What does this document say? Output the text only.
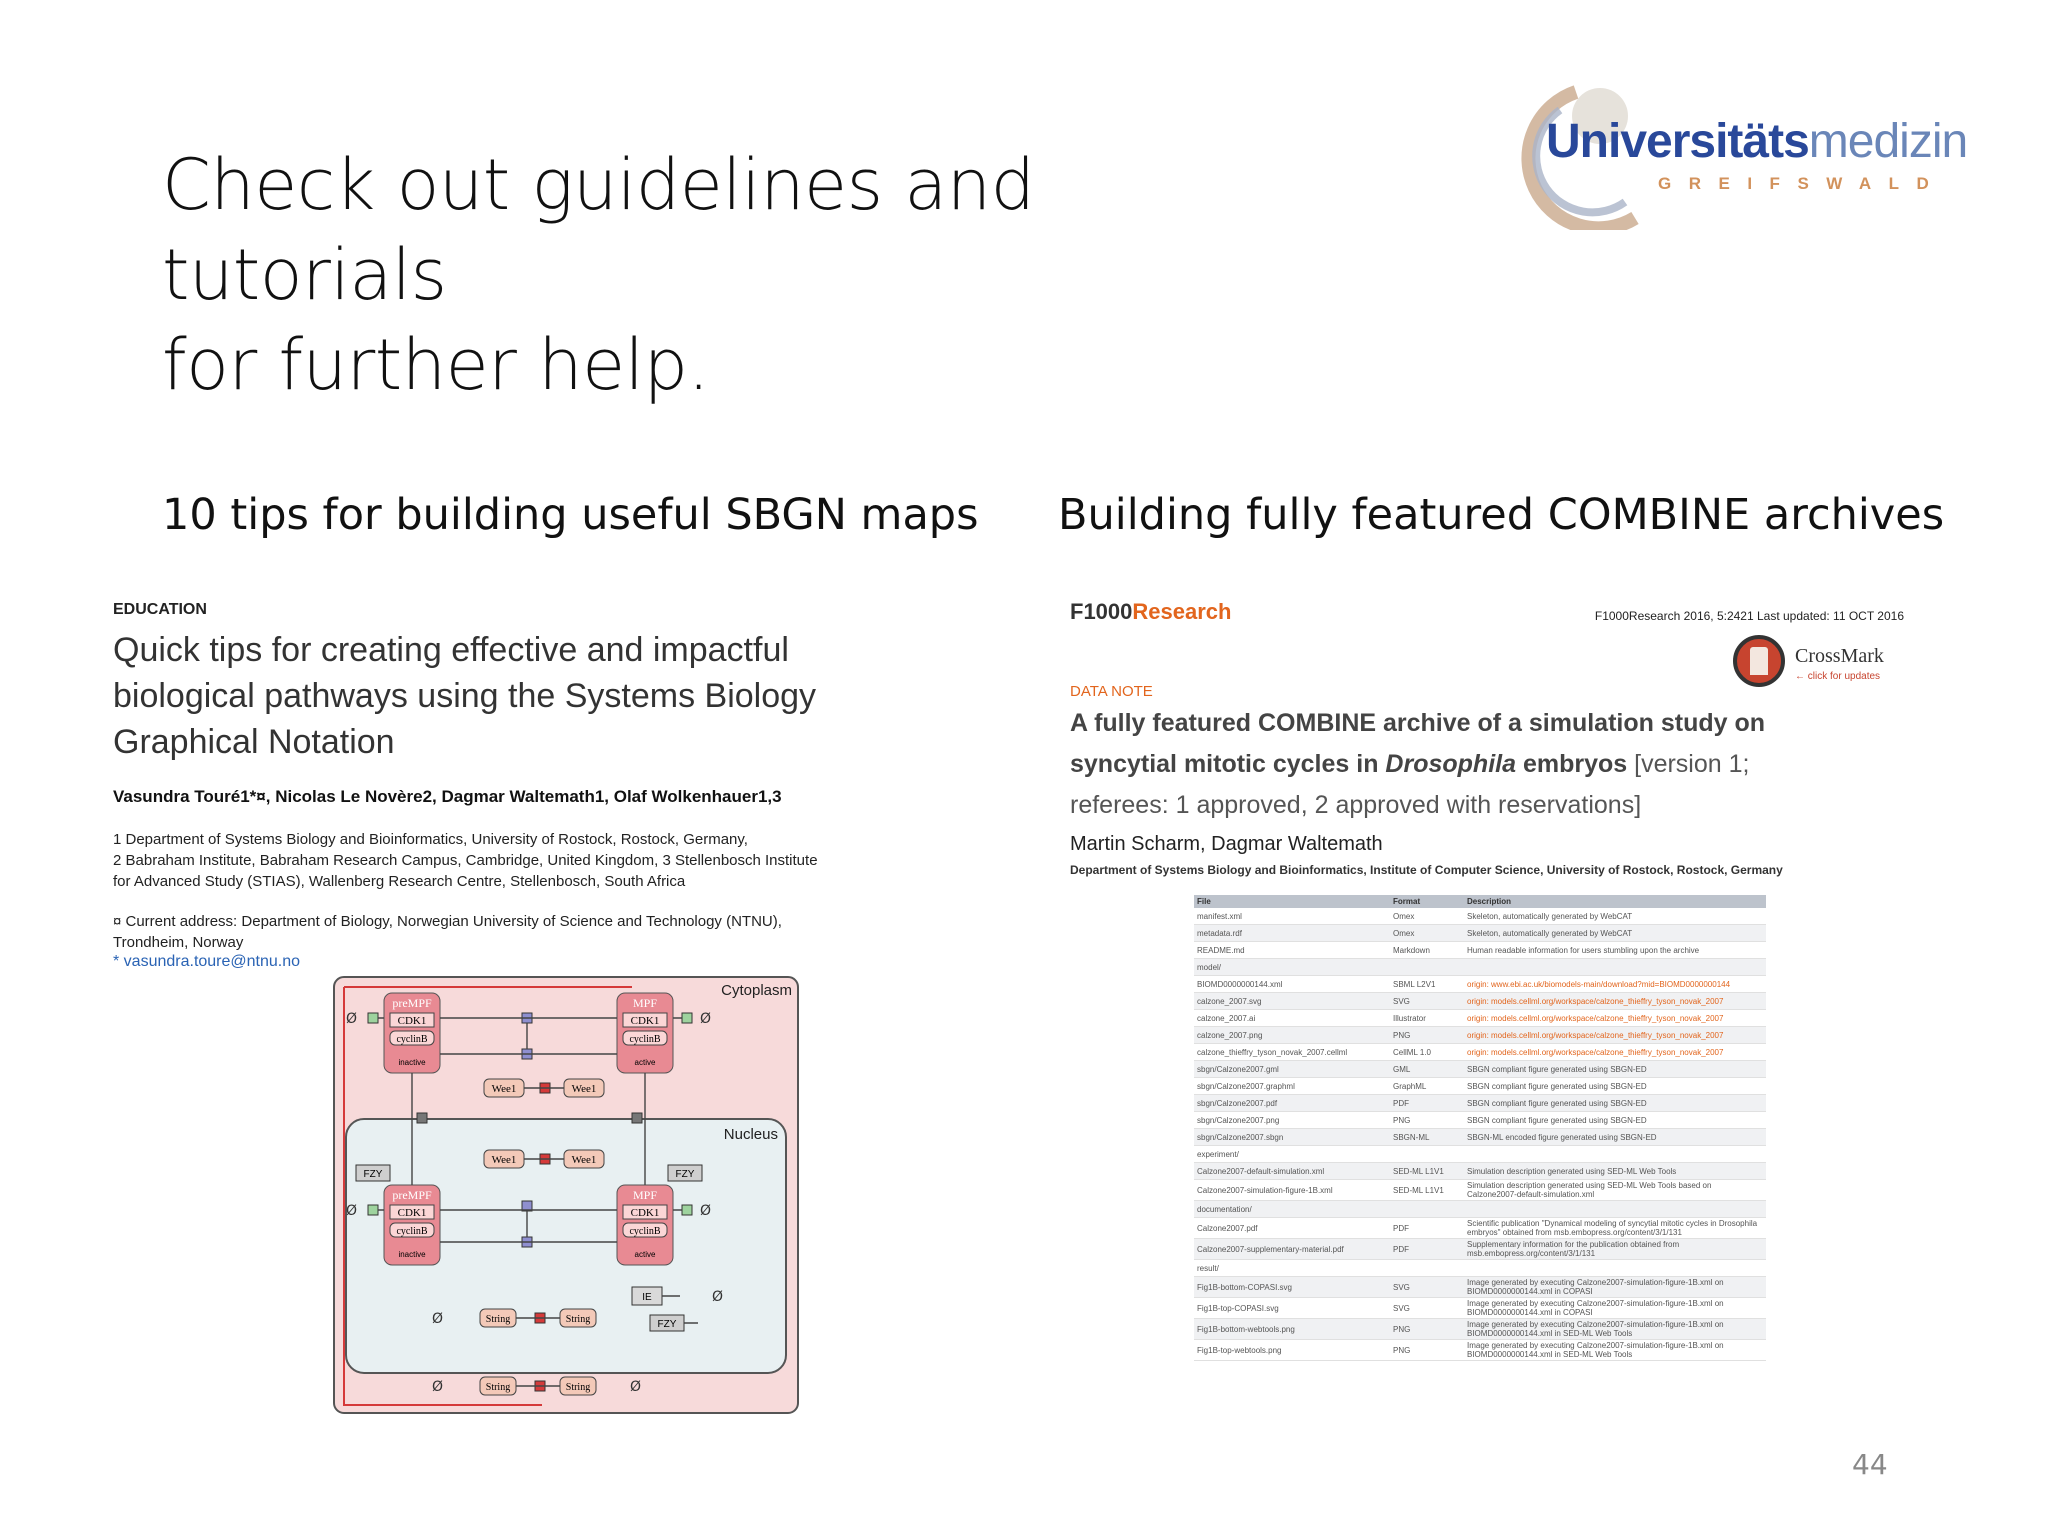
Check out guidelines and tutorials
for further help.
Universitätsmedizin
GREIFSWALD
10 tips for building useful SBGN maps Building fully featured COMBINE archives
EDUCATION
Quick tips for creating effective and impactful
biological pathways using the Systems Biology
Graphical Notation
Vasundra Touré1*¤, Nicolas Le Novère2, Dagmar Waltemath1, Olaf Wolkenhauer1,3
1 Department of Systems Biology and Bioinformatics, University of Rostock, Rostock, Germany,
2 Babraham Institute, Babraham Research Campus, Cambridge, United Kingdom, 3 Stellenbosch Institute
for Advanced Study (STIAS), Wallenberg Research Centre, Stellenbosch, South Africa
¤ Current address: Department of Biology, Norwegian University of Science and Technology (NTNU),
Trondheim, Norway
* vasundra.toure@ntnu.no
Cytoplasm
Nucleus
preMPF
CDK1
cyclinB
inactive
MPF
CDK1
cyclinB
active
Wee1	Wee1
preMPF
CDK1
cyclinB
inactive
MPF
CDK1
cyclinB
active
Wee1	Wee1
FZY	FZY
FZY
IE
String	String
String	String
Ø	Ø
Ø	Ø
Ø
Ø	Ø
Ø
F1000Research	F1000Research 2016, 5:2421 Last updated: 11 OCT 2016
CrossMark
← click for updates
DATA NOTE
A fully featured COMBINE archive of a simulation study on
syncytial mitotic cycles in Drosophila embryos [version 1;
referees: 1 approved, 2 approved with reservations]
Martin Scharm, Dagmar Waltemath
Department of Systems Biology and Bioinformatics, Institute of Computer Science, University of Rostock, Rostock, Germany
File	Format	Description
manifest.xml	Omex	Skeleton, automatically generated by WebCAT
metadata.rdf	Omex	Skeleton, automatically generated by WebCAT
README.md	Markdown	Human readable information for users stumbling upon the archive
model/		
BIOMD0000000144.xml	SBML L2V1	origin: www.ebi.ac.uk/biomodels-main/download?mid=BIOMD0000000144
calzone_2007.svg	SVG	origin: models.cellml.org/workspace/calzone_thieffry_tyson_novak_2007
calzone_2007.ai	Illustrator	origin: models.cellml.org/workspace/calzone_thieffry_tyson_novak_2007
calzone_2007.png	PNG	origin: models.cellml.org/workspace/calzone_thieffry_tyson_novak_2007
calzone_thieffry_tyson_novak_2007.cellml	CellML 1.0	origin: models.cellml.org/workspace/calzone_thieffry_tyson_novak_2007
sbgn/Calzone2007.gml	GML	SBGN compliant figure generated using SBGN-ED
sbgn/Calzone2007.graphml	GraphML	SBGN compliant figure generated using SBGN-ED
sbgn/Calzone2007.pdf	PDF	SBGN compliant figure generated using SBGN-ED
sbgn/Calzone2007.png	PNG	SBGN compliant figure generated using SBGN-ED
sbgn/Calzone2007.sbgn	SBGN-ML	SBGN-ML encoded figure generated using SBGN-ED
experiment/		
Calzone2007-default-simulation.xml	SED-ML L1V1	Simulation description generated using SED-ML Web Tools
Calzone2007-simulation-figure-1B.xml	SED-ML L1V1	Simulation description generated using SED-ML Web Tools based on Calzone2007-default-simulation.xml
documentation/		
Calzone2007.pdf	PDF	Scientific publication "Dynamical modeling of syncytial mitotic cycles in Drosophila embryos" obtained from msb.embopress.org/content/3/1/131
Calzone2007-supplementary-material.pdf	PDF	Supplementary information for the publication obtained from msb.embopress.org/content/3/1/131
result/		
Fig1B-bottom-COPASI.svg	SVG	Image generated by executing Calzone2007-simulation-figure-1B.xml on BIOMD0000000144.xml in COPASI
Fig1B-top-COPASI.svg	SVG	Image generated by executing Calzone2007-simulation-figure-1B.xml on BIOMD0000000144.xml in COPASI
Fig1B-bottom-webtools.png	PNG	Image generated by executing Calzone2007-simulation-figure-1B.xml on BIOMD0000000144.xml in SED-ML Web Tools
Fig1B-top-webtools.png	PNG	Image generated by executing Calzone2007-simulation-figure-1B.xml on BIOMD0000000144.xml in SED-ML Web Tools
44
